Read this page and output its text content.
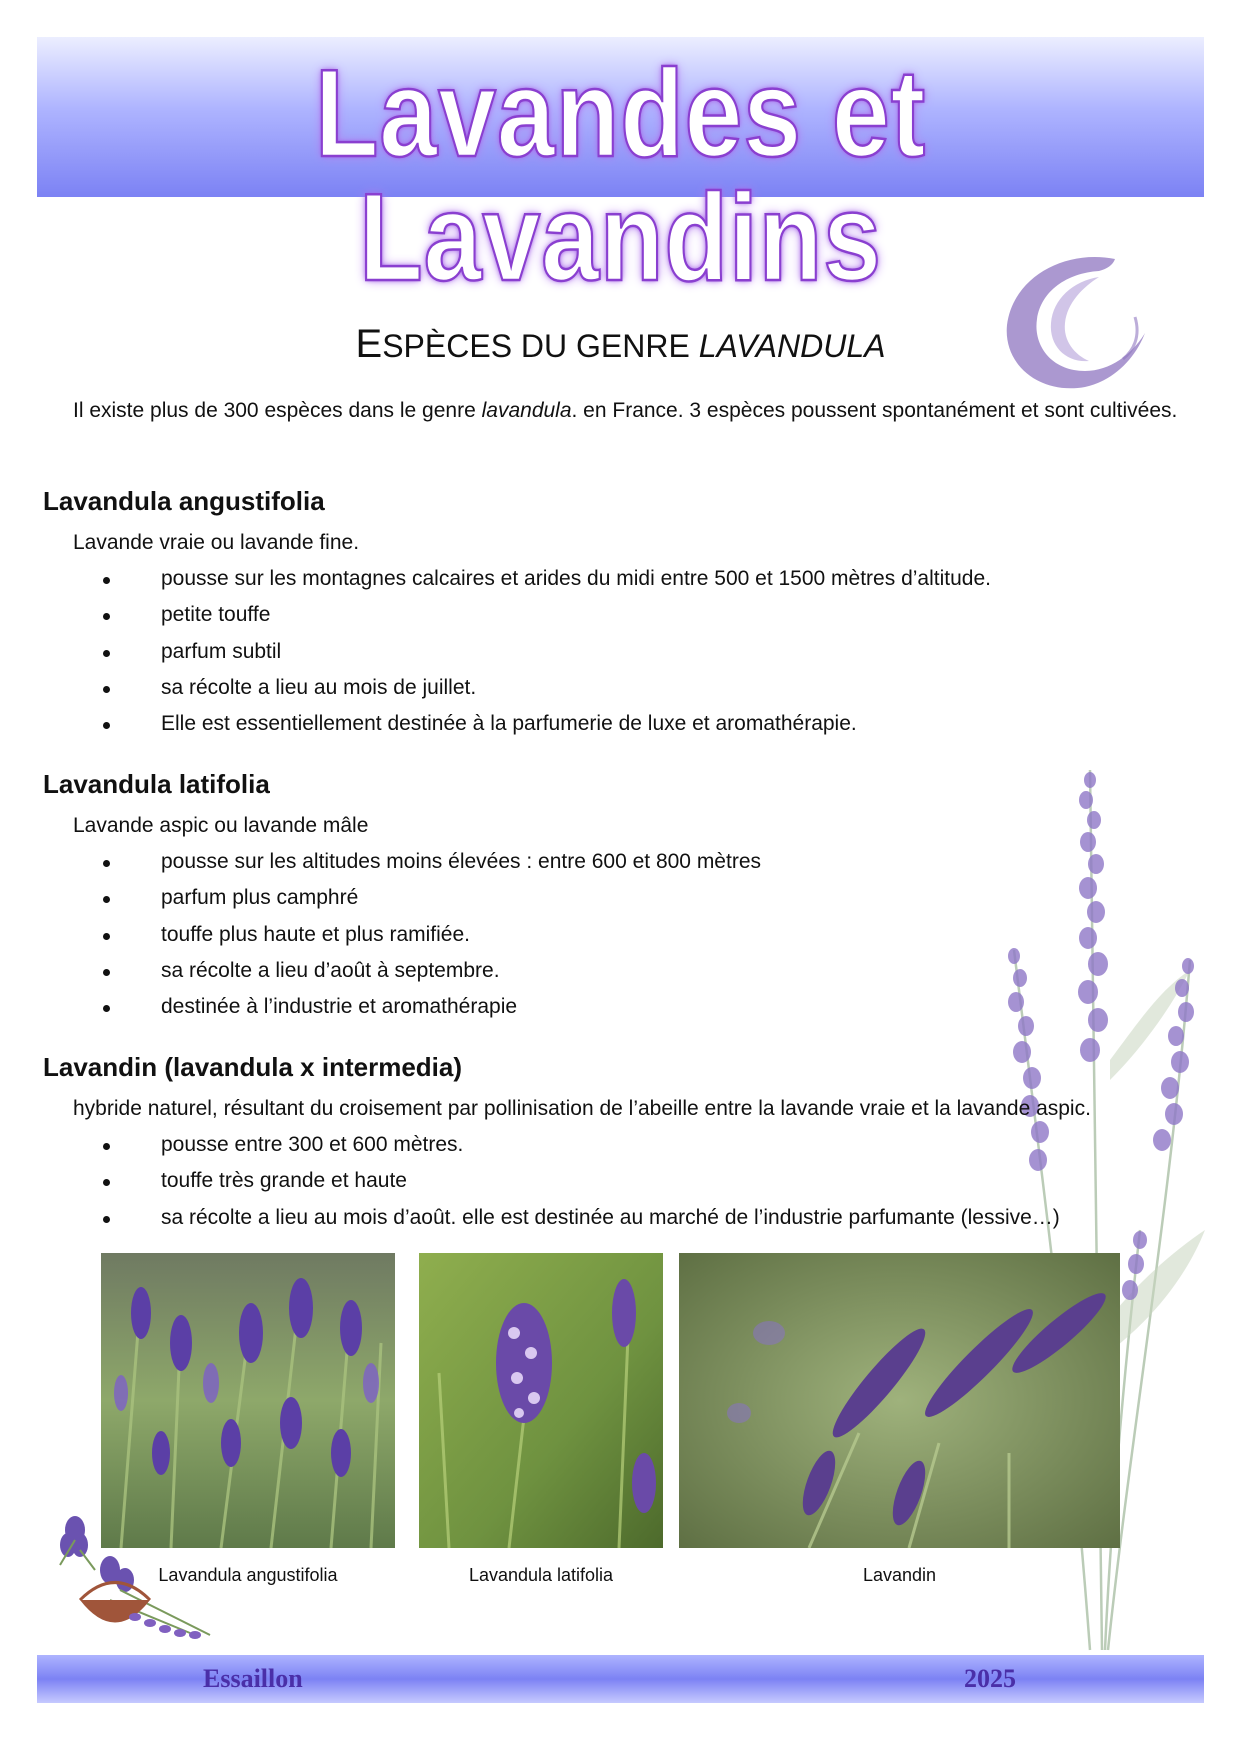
Lavandes et Lavandins
ESPÈCES DU GENRE LAVANDULA
Il existe plus de 300 espèces dans le genre lavandula. en France. 3 espèces poussent spontanément et sont cultivées.
Lavandula angustifolia
Lavande vraie ou lavande fine.
pousse sur les montagnes calcaires et arides du midi entre 500 et 1500 mètres d’altitude.
petite touffe
parfum subtil
sa récolte a lieu au mois de juillet.
Elle est essentiellement destinée à la parfumerie de luxe et aromathérapie.
Lavandula latifolia
Lavande aspic ou lavande mâle
pousse sur les altitudes moins élevées : entre 600 et 800 mètres
parfum plus camphré
touffe plus haute et plus ramifiée.
sa récolte a lieu d’août à septembre.
destinée à l’industrie et aromathérapie
Lavandin (lavandula x intermedia)
hybride naturel, résultant du croisement par pollinisation de l’abeille entre la lavande vraie et la lavande aspic.
pousse entre 300 et 600 mètres.
touffe très grande et haute
sa récolte a lieu au mois d’août. elle est destinée au marché de l’industrie parfumante (lessive…)
Lavandula angustifolia	Lavandula latifolia	Lavandin
Essaillon	2025
